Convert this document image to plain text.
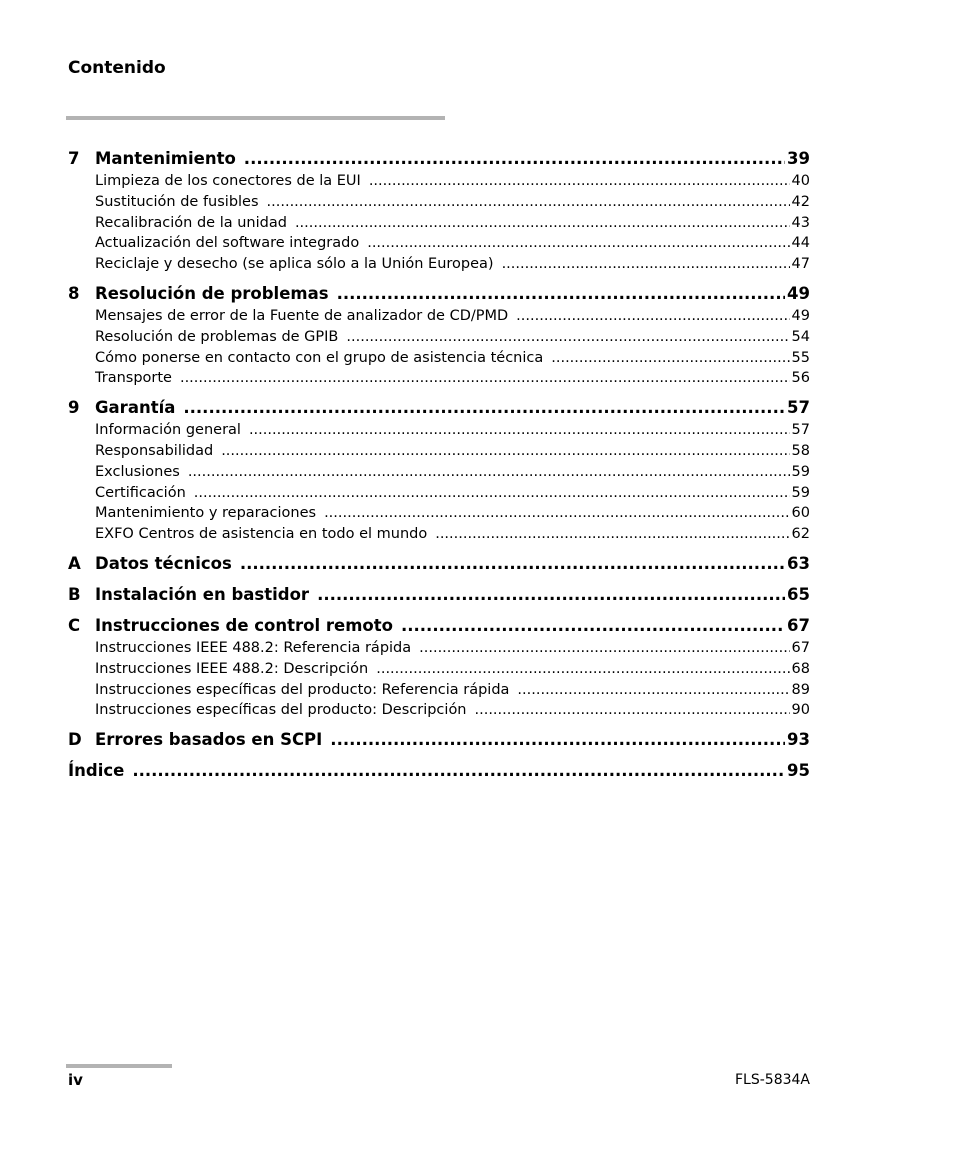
Contenido
7 Mantenimiento .....	39
Limpieza de los conectores de la EUI .....	40
Sustitución de fusibles .....	42
Recalibración de la unidad .....	43
Actualización del software integrado .....	44
Reciclaje y desecho (se aplica sólo a la Unión Europea) .....	47
8 Resolución de problemas .....	49
Mensajes de error de la Fuente de analizador de CD/PMD .....	49
Resolución de problemas de GPIB .....	54
Cómo ponerse en contacto con el grupo de asistencia técnica .....	55
Transporte .....	56
9 Garantía .....	57
Información general .....	57
Responsabilidad .....	58
Exclusiones .....	59
Certificación .....	59
Mantenimiento y reparaciones .....	60
EXFO Centros de asistencia en todo el mundo .....	62
A Datos técnicos .....	63
B Instalación en bastidor .....	65
C Instrucciones de control remoto .....	67
Instrucciones IEEE 488.2: Referencia rápida .....	67
Instrucciones IEEE 488.2: Descripción .....	68
Instrucciones específicas del producto: Referencia rápida .....	89
Instrucciones específicas del producto: Descripción .....	90
D Errores basados en SCPI .....	93
Índice .....	95
iv	FLS-5834A
